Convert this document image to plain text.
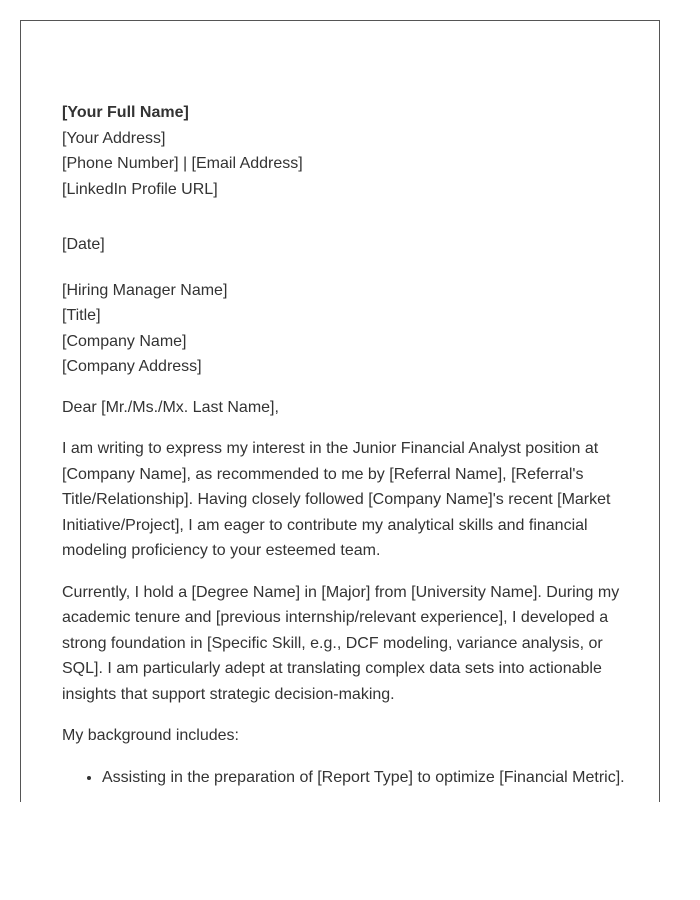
[Your Full Name]
[Your Address]
[Phone Number] | [Email Address]
[LinkedIn Profile URL]
[Date]
[Hiring Manager Name]
[Title]
[Company Name]
[Company Address]
Dear [Mr./Ms./Mx. Last Name],

I am writing to express my interest in the Junior Financial Analyst position at [Company Name], as recommended to me by [Referral Name], [Referral's Title/Relationship]. Having closely followed [Company Name]'s recent [Market Initiative/Project], I am eager to contribute my analytical skills and financial modeling proficiency to your esteemed team.

Currently, I hold a [Degree Name] in [Major] from [University Name]. During my academic tenure and [previous internship/relevant experience], I developed a strong foundation in [Specific Skill, e.g., DCF modeling, variance analysis, or SQL]. I am particularly adept at translating complex data sets into actionable insights that support strategic decision-making.

My background includes:

• Assisting in the preparation of [Report Type] to optimize [Financial Metric].
